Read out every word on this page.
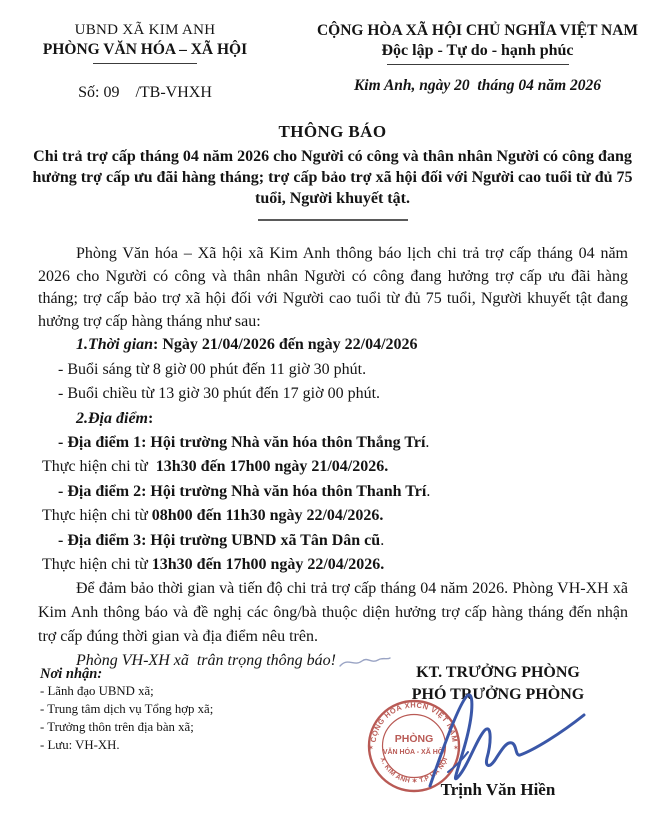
UBND XÃ KIM ANH
PHÒNG VĂN HÓA – XÃ HỘI
Số: 09    /TB-VHXH
CỘNG HÒA XÃ HỘI CHỦ NGHĨA VIỆT NAM
Độc lập - Tự do - hạnh phúc
Kim Anh, ngày 20  tháng 04 năm 2026
THÔNG BÁO
Chi trả trợ cấp tháng 04 năm 2026 cho Người có công và thân nhân Người có công đang hưởng trợ cấp ưu đãi hàng tháng; trợ cấp bảo trợ xã hội đối với Người cao tuổi từ đủ 75 tuổi, Người khuyết tật.

Phòng Văn hóa – Xã hội xã Kim Anh thông báo lịch chi trả trợ cấp tháng 04 năm 2026 cho Người có công và thân nhân Người có công đang hưởng trợ cấp ưu đãi hàng tháng; trợ cấp bảo trợ xã hội đối với Người cao tuổi từ đủ 75 tuổi, Người khuyết tật đang hưởng trợ cấp hàng tháng như sau:

1.Thời gian: Ngày 21/04/2026 đến ngày 22/04/2026

- Buổi sáng từ 8 giờ 00 phút đến 11 giờ 30 phút.

- Buổi chiều từ 13 giờ 30 phút đến 17 giờ 00 phút.

2.Địa điểm:

- Địa điểm 1: Hội trường Nhà văn hóa thôn Thắng Trí.

Thực hiện chi từ  13h30 đến 17h00 ngày 21/04/2026.

- Địa điểm 2: Hội trường Nhà văn hóa thôn Thanh Trí.

Thực hiện chi từ 08h00 đến 11h30 ngày 22/04/2026.

- Địa điểm 3: Hội trường UBND xã Tân Dân cũ.

Thực hiện chi từ 13h30 đến 17h00 ngày 22/04/2026.

Để đảm bảo thời gian và tiến độ chi trả trợ cấp tháng 04 năm 2026. Phòng VH-XH xã Kim Anh thông báo và đề nghị các ông/bà thuộc diện hưởng trợ cấp hàng tháng đến nhận trợ cấp đúng thời gian và địa điểm nêu trên.

Phòng VH-XH xã  trân trọng thông báo!

Nơi nhận:
- Lãnh đạo UBND xã;
- Trung tâm dịch vụ Tổng hợp xã;
- Trưởng thôn trên địa bàn xã;
- Lưu: VH-XH.
KT. TRƯỞNG PHÒNG
PHÓ TRƯỞNG PHÒNG
CỘNG HÒA XHCN VIỆT NAM
X. KIM ANH ✶ T.P HÀ NỘI
PHÒNG
VĂN HÓA - XÃ HỘI
✶	✶
Trịnh Văn Hiền
